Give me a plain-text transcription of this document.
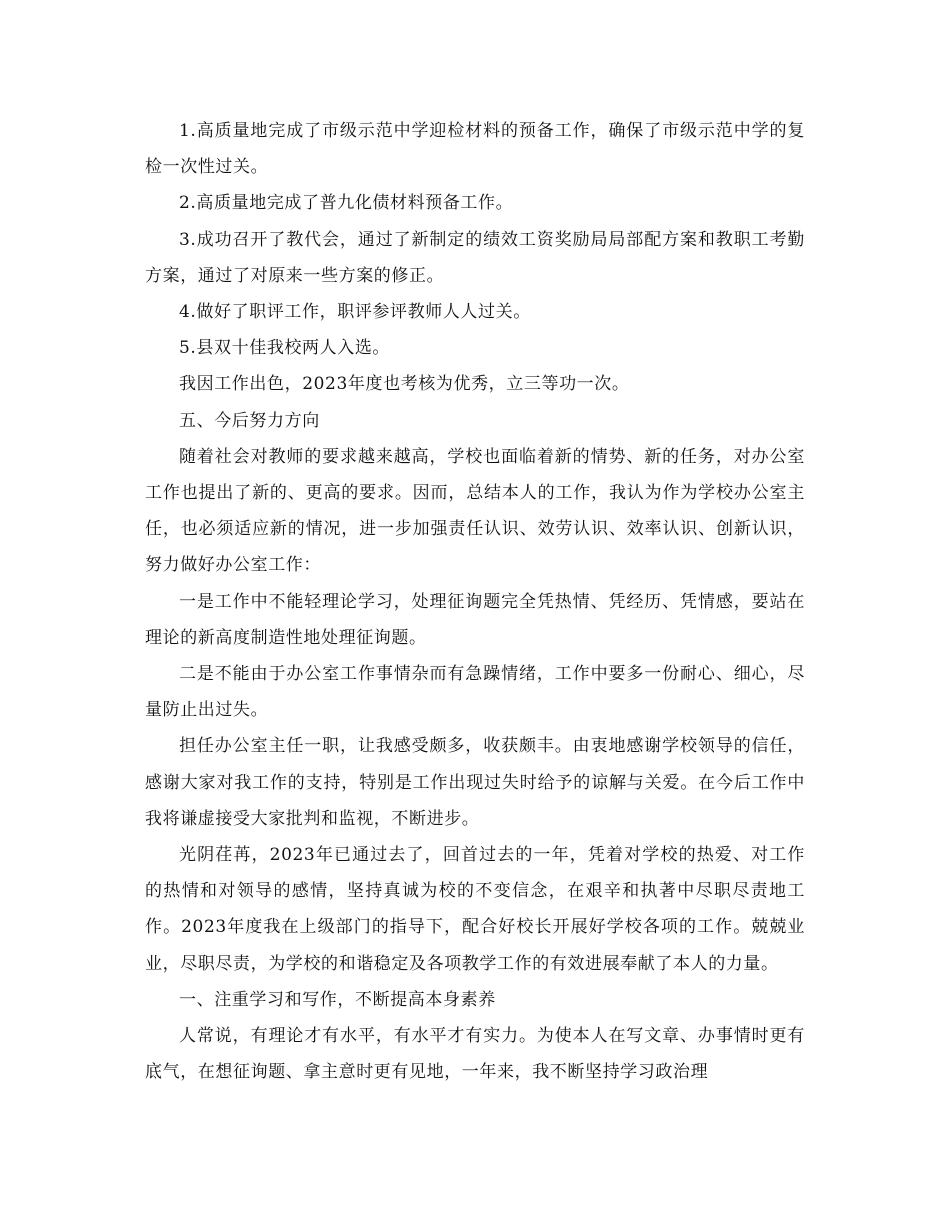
1.高质量地完成了市级示范中学迎检材料的预备工作，确保了市级示范中学的复检一次性过关。

2.高质量地完成了普九化债材料预备工作。

3.成功召开了教代会，通过了新制定的绩效工资奖励局局部配方案和教职工考勤方案，通过了对原来一些方案的修正。

4.做好了职评工作，职评参评教师人人过关。

5.县双十佳我校两人入选。

我因工作出色，2023年度也考核为优秀，立三等功一次。

五、今后努力方向

随着社会对教师的要求越来越高，学校也面临着新的情势、新的任务，对办公室工作也提出了新的、更高的要求。因而，总结本人的工作，我认为作为学校办公室主任，也必须适应新的情况，进一步加强责任认识、效劳认识、效率认识、创新认识，努力做好办公室工作：

一是工作中不能轻理论学习，处理征询题完全凭热情、凭经历、凭情感，要站在理论的新高度制造性地处理征询题。

二是不能由于办公室工作事情杂而有急躁情绪，工作中要多一份耐心、细心，尽量防止出过失。

担任办公室主任一职，让我感受颇多，收获颇丰。由衷地感谢学校领导的信任，感谢大家对我工作的支持，特别是工作出现过失时给予的谅解与关爱。在今后工作中我将谦虚接受大家批判和监视，不断进步。

光阴荏苒，2023年已通过去了，回首过去的一年，凭着对学校的热爱、对工作的热情和对领导的感情，坚持真诚为校的不变信念，在艰辛和执著中尽职尽责地工作。2023年度我在上级部门的指导下，配合好校长开展好学校各项的工作。兢兢业业，尽职尽责，为学校的和谐稳定及各项教学工作的有效进展奉献了本人的力量。

一、注重学习和写作，不断提高本身素养

人常说，有理论才有水平，有水平才有实力。为使本人在写文章、办事情时更有底气，在想征询题、拿主意时更有见地，一年来，我不断坚持学习政治理
